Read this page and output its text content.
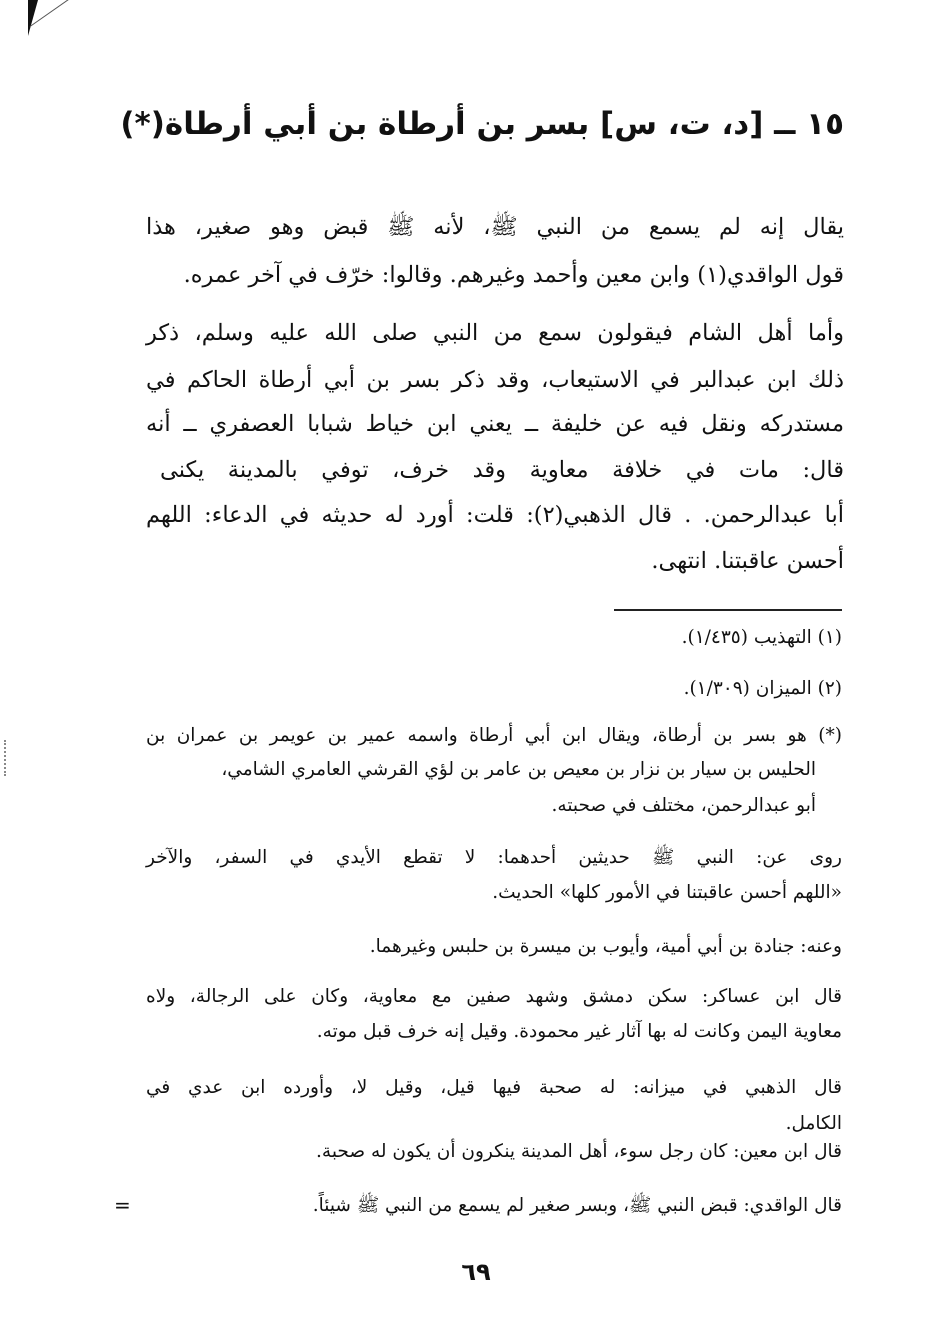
١٥ ــ [د، ت، س] بسر بن أرطاة بن أبي أرطاة(*)
يقال إنه لم يسمع من النبي ﷺ، لأنه ﷺ قبض وهو صغير، هذا
قول الواقدي(١) وابن معين وأحمد وغيرهم. وقالوا: خرّف في آخر عمره.
وأما أهل الشام فيقولون سمع من النبي صلى الله عليه وسلم، ذكر
ذلك ابن عبدالبر في الاستيعاب، وقد ذكر بسر بن أبي أرطاة الحاكم في
مستدركه ونقل فيه عن خليفة ــ يعني ابن خياط شبابا العصفري ــ أنه
قال: مات في خلافة معاوية وقد خرف، توفي بالمدينة يكنى
أبا عبدالرحمن. . قال الذهبي(٢): قلت: أورد له حديثه في الدعاء: اللهم
أحسن عاقبتنا. انتهى.
(١) التهذيب (١/٤٣٥).
(٢) الميزان (١/٣٠٩).
(*) هو بسر بن أرطاة، ويقال ابن أبي أرطاة واسمه عمير بن عويمر بن عمران بن
الحليس بن سيار بن نزار بن معيص بن عامر بن لؤي القرشي العامري الشامي،
أبو عبدالرحمن، مختلف في صحبته.
روى عن: النبي ﷺ حديثين أحدهما: لا تقطع الأيدي في السفر، والآخر
«اللهم أحسن عاقبتنا في الأمور كلها» الحديث.
وعنه: جنادة بن أبي أمية، وأيوب بن ميسرة بن حلبس وغيرهما.
قال ابن عساكر: سكن دمشق وشهد صفين مع معاوية، وكان على الرجالة، ولاه
معاوية اليمن وكانت له بها آثار غير محمودة. وقيل إنه خرف قبل موته.
قال الذهبي في ميزانه: له صحبة فيها قيل، وقيل لا، وأورده ابن عدي في
الكامل.
قال ابن معين: كان رجل سوء، أهل المدينة ينكرون أن يكون له صحبة.
قال الواقدي: قبض النبي ﷺ، وبسر صغير لم يسمع من النبي ﷺ شيئاً.
=
٦٩
